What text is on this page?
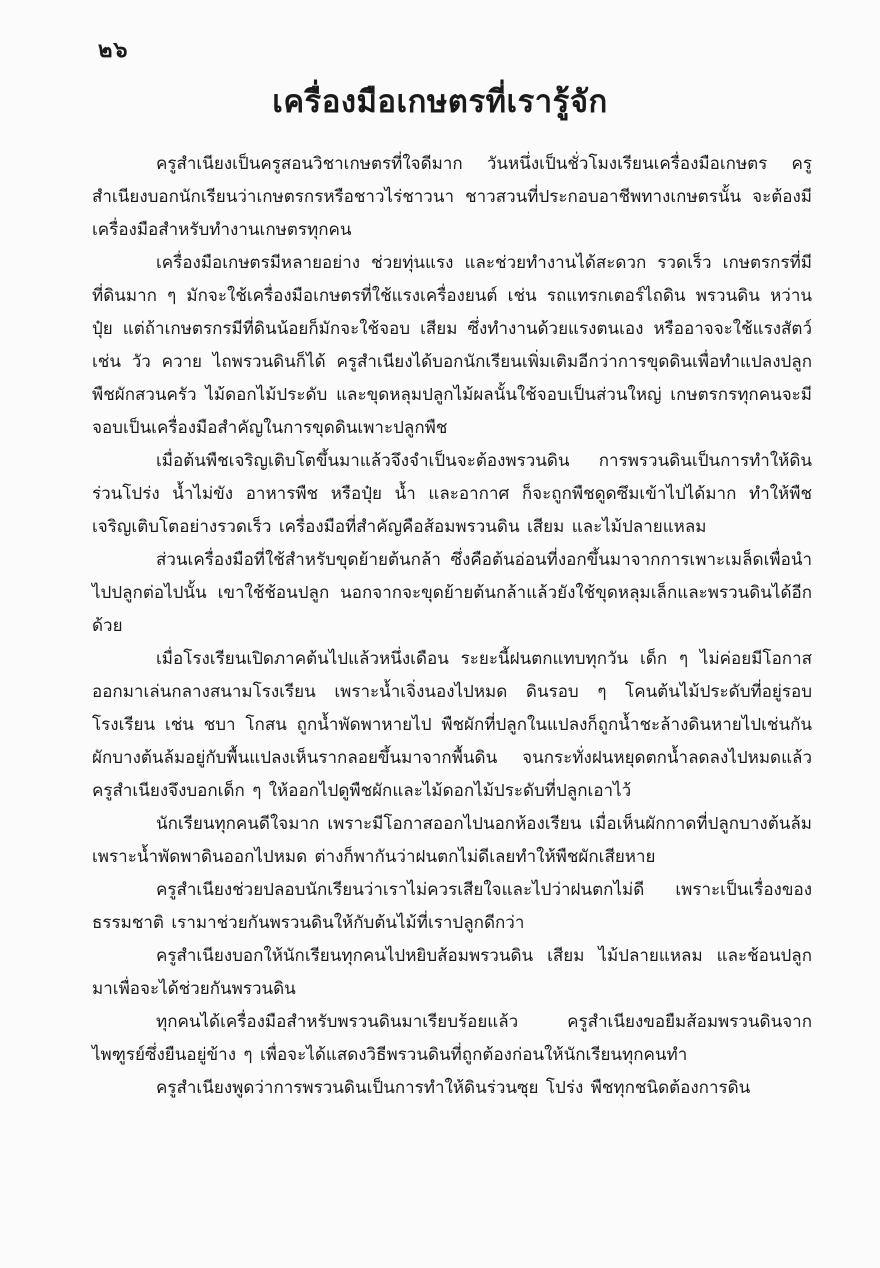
๒๖
เครื่องมือเกษตรที่เรารู้จัก

ครูสำเนียงเป็นครูสอนวิชาเกษตรที่ใจดีมาก วันหนึ่งเป็นชั่วโมงเรียนเครื่องมือเกษตร ครูสำเนียงบอกนักเรียนว่าเกษตรกรหรือชาวไร่ชาวนา ชาวสวนที่ประกอบอาชีพทางเกษตรนั้น จะต้องมีเครื่องมือสำหรับทำงานเกษตรทุกคน

เครื่องมือเกษตรมีหลายอย่าง ช่วยทุ่นแรง และช่วยทำงานได้สะดวก รวดเร็ว เกษตรกรที่มีที่ดินมาก ๆ มักจะใช้เครื่องมือเกษตรที่ใช้แรงเครื่องยนต์ เช่น รถแทรกเตอร์ไถดิน พรวนดิน หว่านปุ๋ย แต่ถ้าเกษตรกรมีที่ดินน้อยก็มักจะใช้จอบ เสียม ซึ่งทำงานด้วยแรงตนเอง หรืออาจจะใช้แรงสัตว์ เช่น วัว ควาย ไถพรวนดินก็ได้ ครูสำเนียงได้บอกนักเรียนเพิ่มเติมอีกว่าการขุดดินเพื่อทำแปลงปลูกพืชผักสวนครัว ไม้ดอกไม้ประดับ และขุดหลุมปลูกไม้ผลนั้นใช้จอบเป็นส่วนใหญ่ เกษตรกรทุกคนจะมีจอบเป็นเครื่องมือสำคัญในการขุดดินเพาะปลูกพืช

เมื่อต้นพืชเจริญเติบโตขึ้นมาแล้วจึงจำเป็นจะต้องพรวนดิน การพรวนดินเป็นการทำให้ดินร่วนโปร่ง น้ำไม่ขัง อาหารพืช หรือปุ๋ย น้ำ และอากาศ ก็จะถูกพืชดูดซึมเข้าไปได้มาก ทำให้พืชเจริญเติบโตอย่างรวดเร็ว เครื่องมือที่สำคัญคือส้อมพรวนดิน เสียม และไม้ปลายแหลม

ส่วนเครื่องมือที่ใช้สำหรับขุดย้ายต้นกล้า ซึ่งคือต้นอ่อนที่งอกขึ้นมาจากการเพาะเมล็ดเพื่อนำไปปลูกต่อไปนั้น เขาใช้ช้อนปลูก นอกจากจะขุดย้ายต้นกล้าแล้วยังใช้ขุดหลุมเล็กและพรวนดินได้อีกด้วย

เมื่อโรงเรียนเปิดภาคต้นไปแล้วหนึ่งเดือน ระยะนี้ฝนตกแทบทุกวัน เด็ก ๆ ไม่ค่อยมีโอกาสออกมาเล่นกลางสนามโรงเรียน เพราะน้ำเจิ่งนองไปหมด ดินรอบ ๆ โคนต้นไม้ประดับที่อยู่รอบโรงเรียน เช่น ชบา โกสน ถูกน้ำพัดพาหายไป พืชผักที่ปลูกในแปลงก็ถูกน้ำชะล้างดินหายไปเช่นกัน ผักบางต้นล้มอยู่กับพื้นแปลงเห็นรากลอยขึ้นมาจากพื้นดิน จนกระทั่งฝนหยุดตกน้ำลดลงไปหมดแล้ว ครูสำเนียงจึงบอกเด็ก ๆ ให้ออกไปดูพืชผักและไม้ดอกไม้ประดับที่ปลูกเอาไว้

นักเรียนทุกคนดีใจมาก เพราะมีโอกาสออกไปนอกห้องเรียน เมื่อเห็นผักกาดที่ปลูกบางต้นล้มเพราะน้ำพัดพาดินออกไปหมด ต่างก็พากันว่าฝนตกไม่ดีเลยทำให้พืชผักเสียหาย

ครูสำเนียงช่วยปลอบนักเรียนว่าเราไม่ควรเสียใจและไปว่าฝนตกไม่ดี เพราะเป็นเรื่องของธรรมชาติ เรามาช่วยกันพรวนดินให้กับต้นไม้ที่เราปลูกดีกว่า

ครูสำเนียงบอกให้นักเรียนทุกคนไปหยิบส้อมพรวนดิน เสียม ไม้ปลายแหลม และช้อนปลูกมาเพื่อจะได้ช่วยกันพรวนดิน

ทุกคนได้เครื่องมือสำหรับพรวนดินมาเรียบร้อยแล้ว ครูสำเนียงขอยืมส้อมพรวนดินจากไพฑูรย์ซึ่งยืนอยู่ข้าง ๆ เพื่อจะได้แสดงวิธีพรวนดินที่ถูกต้องก่อนให้นักเรียนทุกคนทำ

ครูสำเนียงพูดว่าการพรวนดินเป็นการทำให้ดินร่วนซุย โปร่ง พืชทุกชนิดต้องการดิน
